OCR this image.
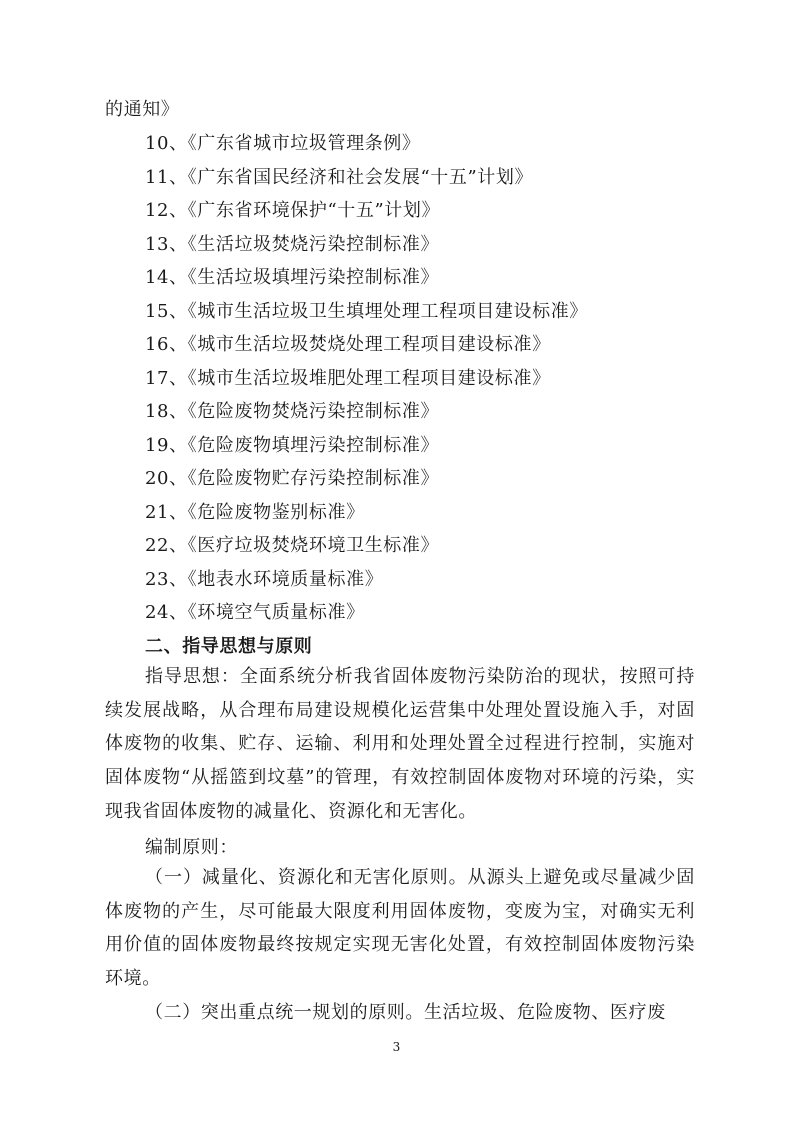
的通知》
10、《广东省城市垃圾管理条例》
11、《广东省国民经济和社会发展“十五”计划》
12、《广东省环境保护“十五”计划》
13、《生活垃圾焚烧污染控制标准》
14、《生活垃圾填埋污染控制标准》
15、《城市生活垃圾卫生填埋处理工程项目建设标准》
16、《城市生活垃圾焚烧处理工程项目建设标准》
17、《城市生活垃圾堆肥处理工程项目建设标准》
18、《危险废物焚烧污染控制标准》
19、《危险废物填埋污染控制标准》
20、《危险废物贮存污染控制标准》
21、《危险废物鉴别标准》
22、《医疗垃圾焚烧环境卫生标准》
23、《地表水环境质量标准》
24、《环境空气质量标准》
二、指导思想与原则

指导思想：全面系统分析我省固体废物污染防治的现状，按照可持续发展战略，从合理布局建设规模化运营集中处理处置设施入手，对固体废物的收集、贮存、运输、利用和处理处置全过程进行控制，实施对固体废物“从摇篮到坟墓”的管理，有效控制固体废物对环境的污染，实现我省固体废物的减量化、资源化和无害化。

编制原则：

（一）减量化、资源化和无害化原则。从源头上避免或尽量减少固体废物的产生，尽可能最大限度利用固体废物，变废为宝，对确实无利用价值的固体废物最终按规定实现无害化处置，有效控制固体废物污染环境。

（二）突出重点统一规划的原则。生活垃圾、危险废物、医疗废

3
